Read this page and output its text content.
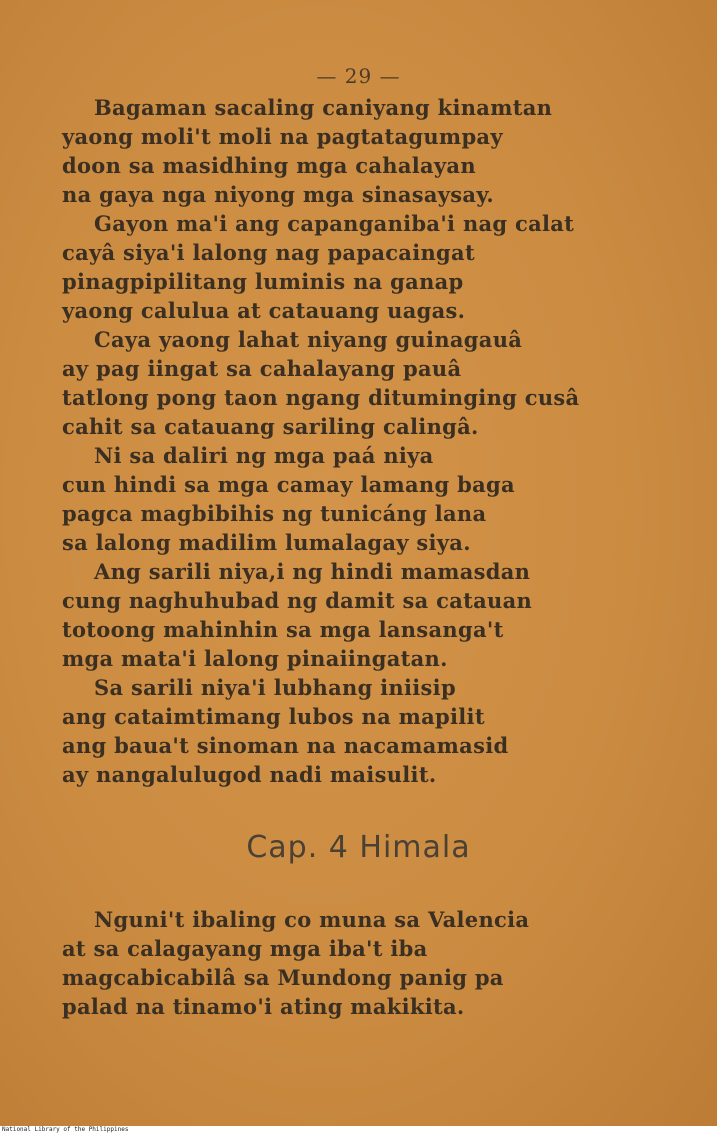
— 29 —
Bagaman sacaling caniyang kinamtan
yaong moli't moli na pagtatagumpay
doon sa masidhing mga cahalayan
na gaya nga niyong mga sinasaysay.
Gayon ma'i ang capanganiba'i nag calat
cayâ siya'i lalong nag papacaingat
pinagpipilitang luminis na ganap
yaong calulua at catauang uagas.
Caya yaong lahat niyang guinagauâ
ay pag iingat sa cahalayang pauâ
tatlong pong taon ngang dituminging cusâ
cahit sa catauang sariling calingâ.
Ni sa daliri ng mga paá niya
cun hindi sa mga camay lamang baga
pagca magbibihis ng tunicáng lana
sa lalong madilim lumalagay siya.
Ang sarili niya,i ng hindi mamasdan
cung naghuhubad ng damit sa catauan
totoong mahinhin sa mga lansanga't
mga mata'i lalong pinaiingatan.
Sa sarili niya'i lubhang iniisip
ang cataimtimang lubos na mapilit
ang baua't sinoman na nacamamasid
ay nangalulugod nadi maisulit.
Cap. 4 Himala
Nguni't ibaling co muna sa Valencia
at sa calagayang mga iba't iba
magcabicabilâ sa Mundong panig pa
palad na tinamo'i ating makikita.
National Library of the Philippines
